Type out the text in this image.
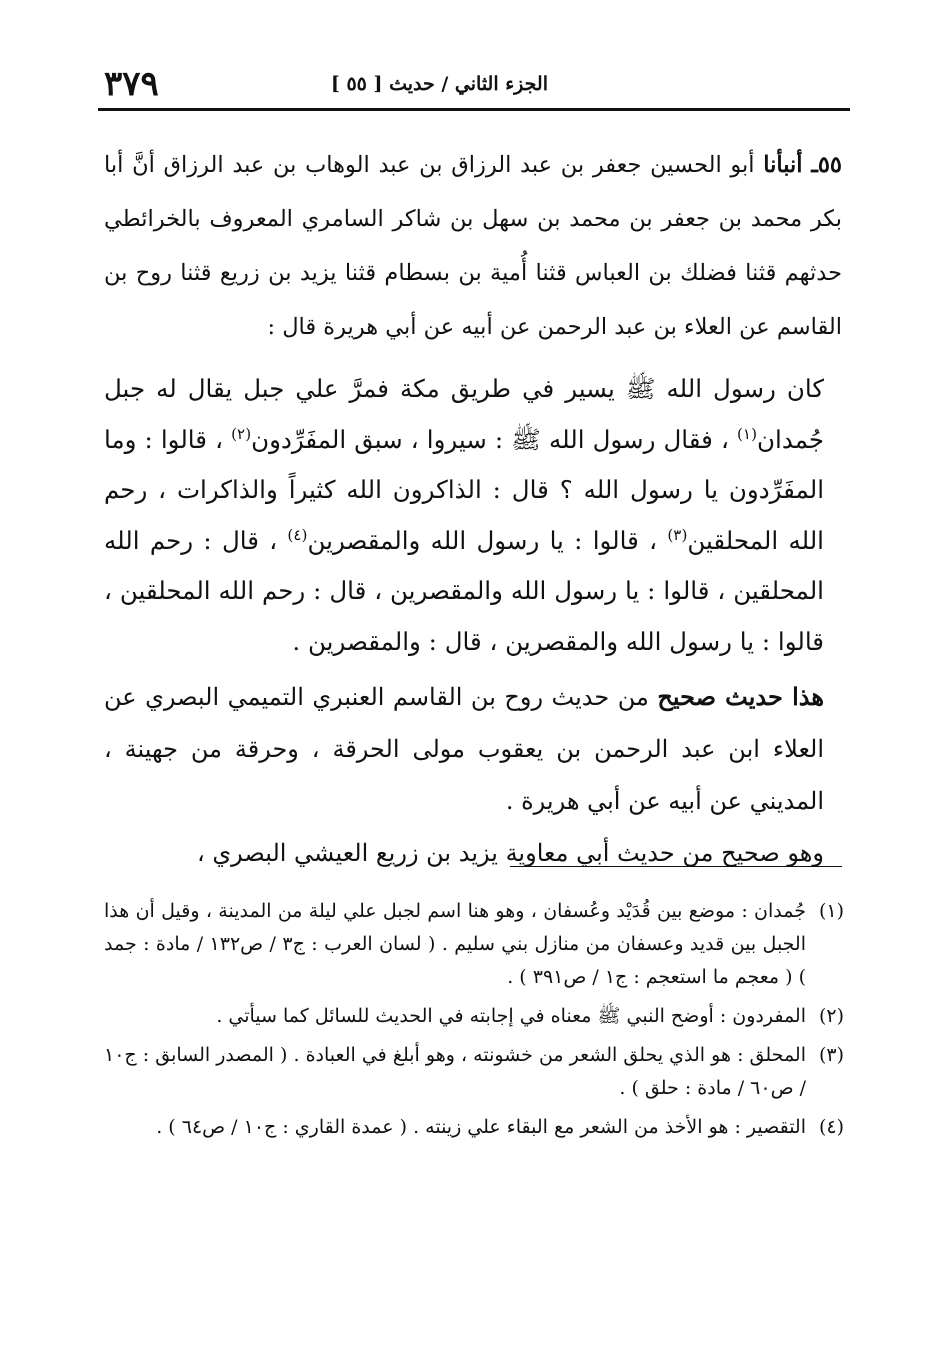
الجزء الثاني / حديث [ ٥٥ ]
٣٧٩

٥٥ـ أنبأنا أبو الحسين جعفر بن عبد الرزاق بن عبد الوهاب بن عبد الرزاق أنَّ أبا بكر محمد بن جعفر بن محمد بن سهل بن شاكر السامري المعروف بالخرائطي حدثهم قثنا فضلك بن العباس قثنا أُمية بن بسطام قثنا يزيد بن زريع قثنا روح بن القاسم عن العلاء بن عبد الرحمن عن أبيه عن أبي هريرة قال :

كان رسول الله ﷺ يسير في طريق مكة فمرَّ علي جبل يقال له جبل جُمدان$^{(١)}$ ، فقال رسول الله ﷺ : سيروا ، سبق المفَرِّدون$^{(٢)}$ ، قالوا : وما المفَرِّدون يا رسول الله ؟ قال : الذاكرون الله كثيراً والذاكرات ، رحم الله المحلقين$^{(٣)}$ ، قالوا : يا رسول الله والمقصرين$^{(٤)}$ ، قال : رحم الله المحلقين ، قالوا : يا رسول الله والمقصرين ، قال : رحم الله المحلقين ، قالوا : يا رسول الله والمقصرين ، قال : والمقصرين .

هذا حديث صحيح من حديث روح بن القاسم العنبري التميمي البصري عن العلاء ابن عبد الرحمن بن يعقوب مولى الحرقة ، وحرقة من جهينة ، المديني عن أبيه عن أبي هريرة .

وهو صحيح من حديث أبي معاوية يزيد بن زريع العيشي البصري ،

(١)
جُمدان : موضع بين قُدَيْد وعُسفان ، وهو هنا اسم لجبل علي ليلة من المدينة ، وقيل أن هذا الجبل بين قديد وعسفان من منازل بني سليم . ( لسان العرب : ج٣ / ص١٣٢ / مادة : جمد ) ( معجم ما استعجم : ج١ / ص٣٩١ ) .
(٢)
المفردون : أوضح النبي ﷺ معناه في إجابته في الحديث للسائل كما سيأتي .
(٣)
المحلق : هو الذي يحلق الشعر من خشونته ، وهو أبلغ في العبادة . ( المصدر السابق : ج١٠ / ص٦٠ / مادة : حلق ) .
(٤)
التقصير : هو الأخذ من الشعر مع البقاء علي زينته . ( عمدة القاري : ج١٠ / ص٦٤ ) .
